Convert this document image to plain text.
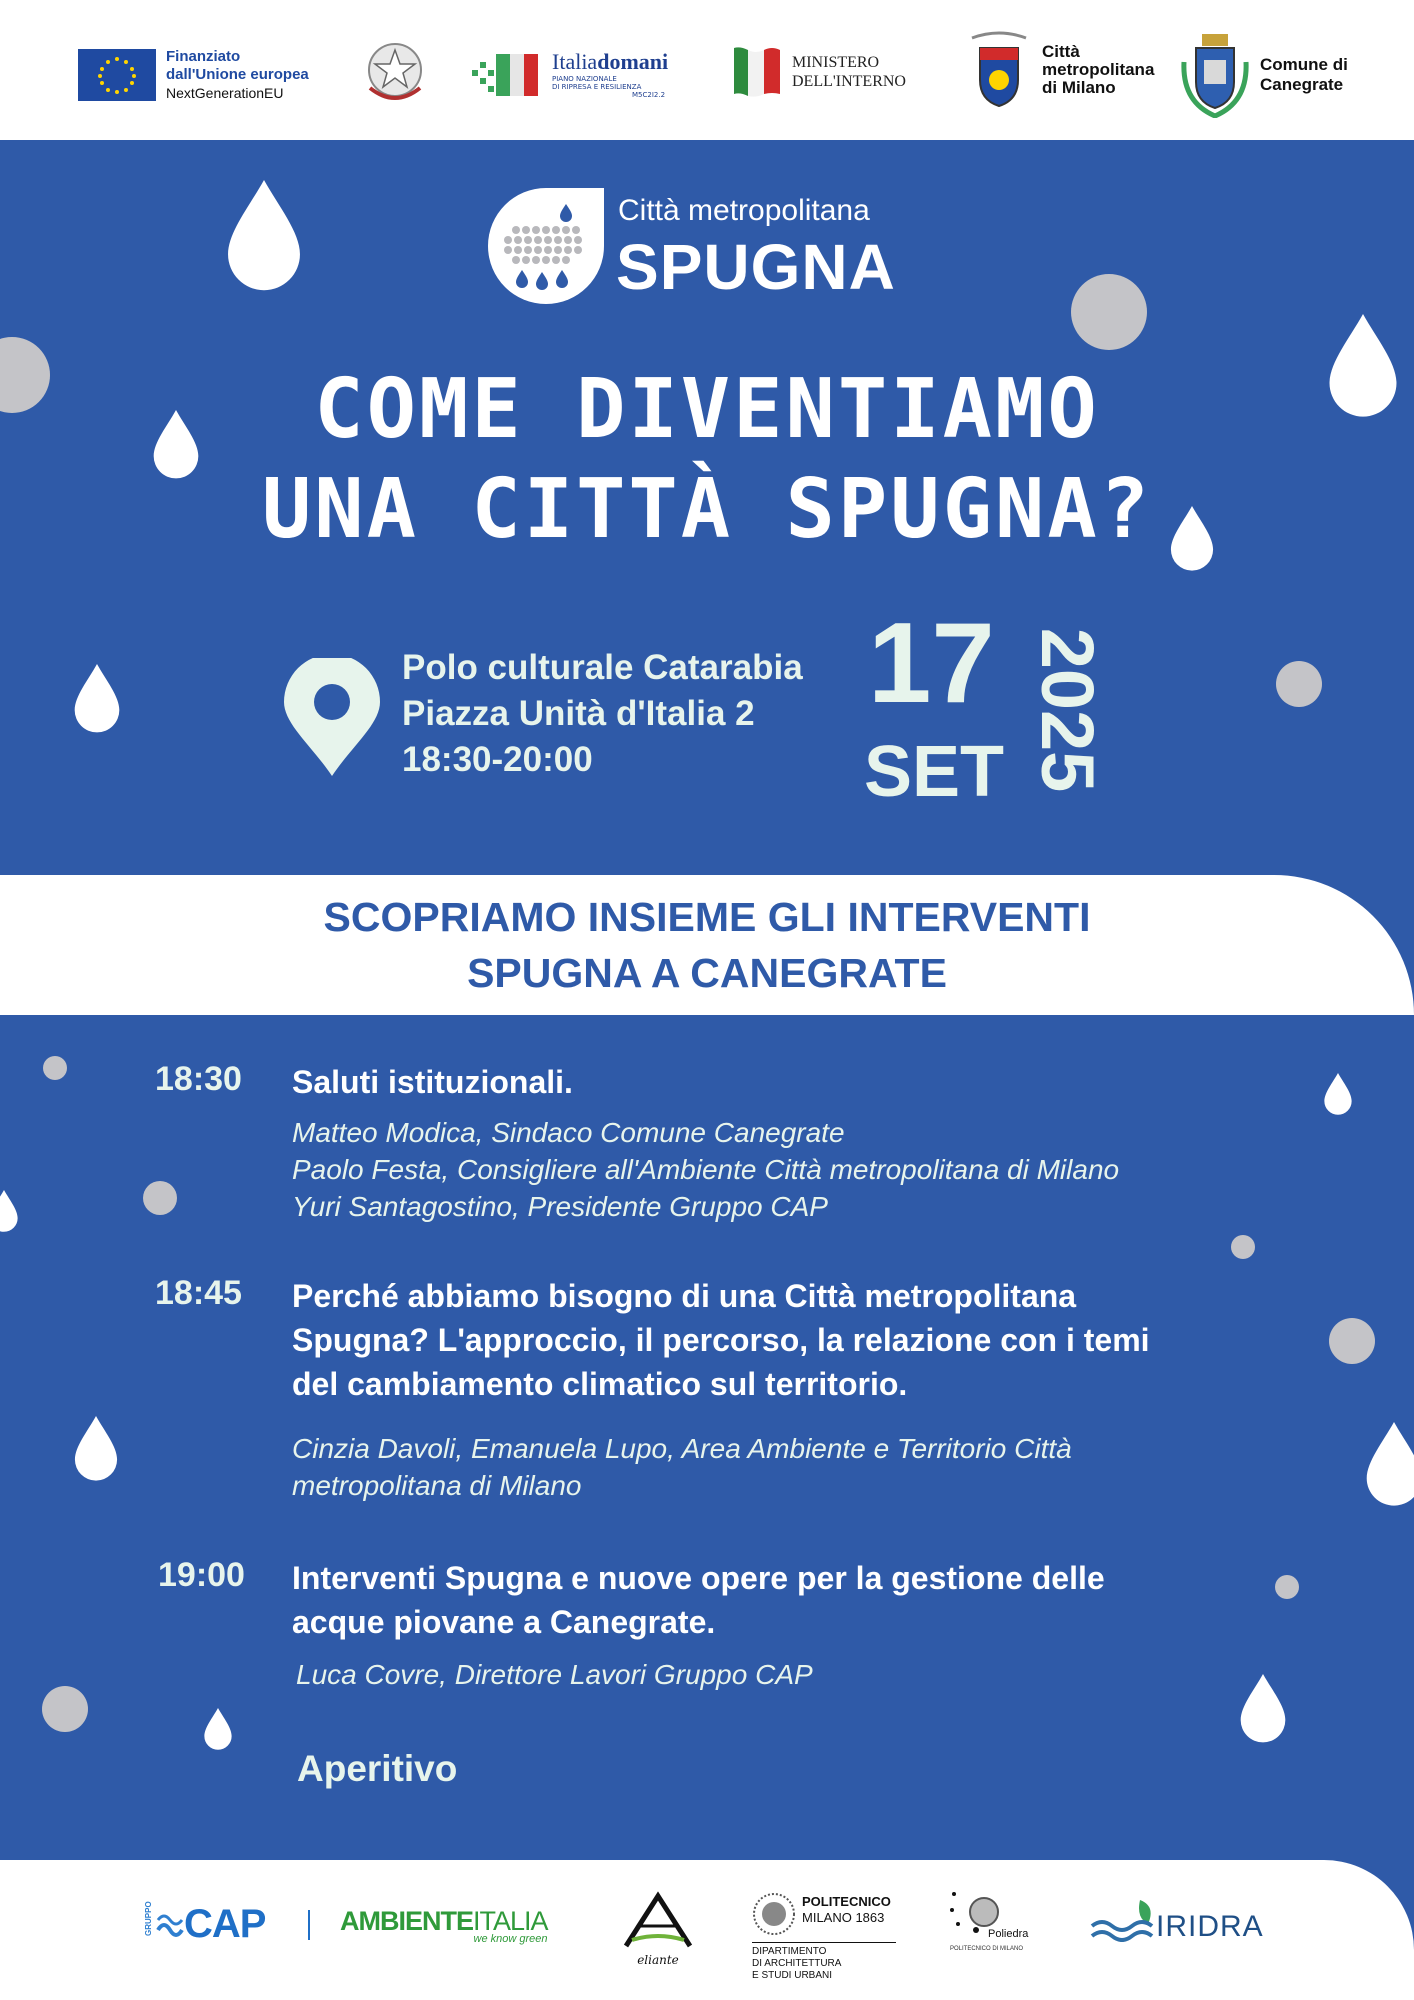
Finanziato
dall'Unione europea
NextGenerationEU
Italiadomani
PIANO NAZIONALE
DI RIPRESA E RESILIENZA
M5C2I2.2
MINISTERO
DELL'INTERNO
Città
metropolitana
di Milano
Comune di
Canegrate
Città metropolitana
SPUGNA
COME DIVENTIAMO
UNA CITTÀ SPUGNA?
Polo culturale Catarabia
Piazza Unità d'Italia 2
18:30-20:00
17
SET 2025
SCOPRIAMO INSIEME GLI INTERVENTI
SPUGNA A CANEGRATE
18:30 Saluti istituzionali.
Matteo Modica, Sindaco Comune Canegrate
Paolo Festa, Consigliere all'Ambiente Città metropolitana di Milano
Yuri Santagostino, Presidente Gruppo CAP
18:45 Perché abbiamo bisogno di una Città metropolitana
Spugna? L'approccio, il percorso, la relazione con i temi
del cambiamento climatico sul territorio.
Cinzia Davoli, Emanuela Lupo, Area Ambiente e Territorio Città
metropolitana di Milano
19:00 Interventi Spugna e nuove opere per la gestione delle
acque piovane a Canegrate.
Luca Covre, Direttore Lavori Gruppo CAP
Aperitivo
GRUPPO CAP	AMBIENTEITALIA
we know green
eliante
POLITECNICO
MILANO 1863
DIPARTIMENTO
DI ARCHITETTURA
E STUDI URBANI
Poliedra
POLITECNICO DI MILANO
IRIDRA
